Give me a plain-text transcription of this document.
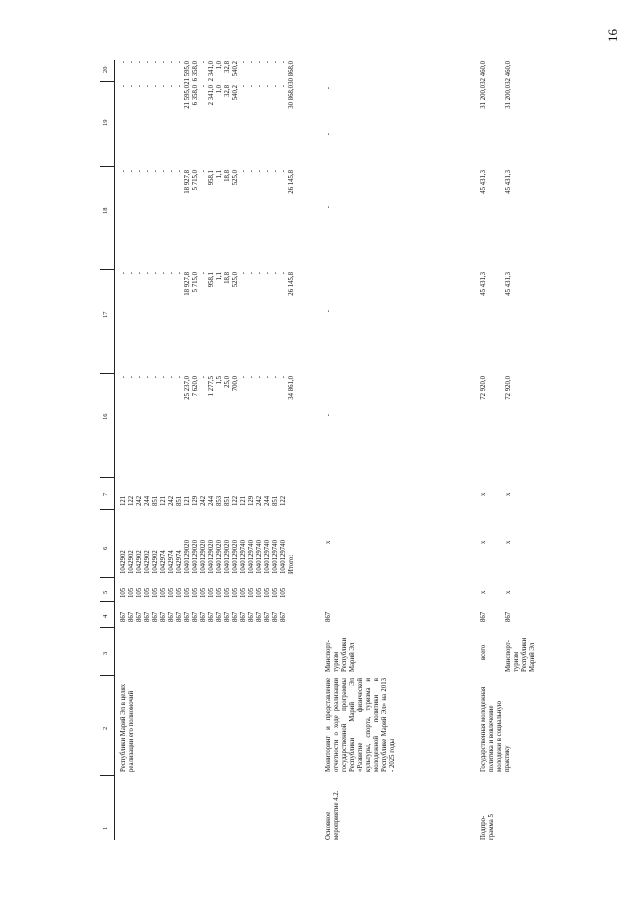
16
1
2
3
4
5
6
7
16
17
18
19
20
Республики Марий Эл в целях реализации его полномочий
867
867
867
867
867
867
867
867
867
867
867
867
867
867
867
867
867
867
867
867
867
105
105
105
105
105
105
105
105
105
105
105
105
105
105
105
105
105
105
105
105
105
1042902
1042902
1042902
1042902
1042902
1042974
1042974
1042974
1040129020
1040129020
1040129020
1040129020
1040129020
1040129020
1040129020
1040129740
1040129740
1040129740
1040129740
1040129740
1040129740
Итого:
121
122
242
244
851
121
242
851
121
129
242
244
853
851
122
121
129
242
244
851
122
-
-
-
-
-
-
-
-
25 237,0
7 620,0
-
1 277,5
1,5
25,0
700,0
-
-
-
-
-
-
34 861,0
-
-
-
-
-
-
-
-
18 927,8
5 715,0
-
958,1
1,1
18,8
525,0
-
-
-
-
-
-
26 145,8
-
-
-
-
-
-
-
-
18 927,8
5 715,0
-
958,1
1,1
18,8
525,0
-
-
-
-
-
-
26 145,8
-
-
-
-
-
-
-
-
21 595,0
6 358,0
-
2 341,0
1,0
32,8
540,2
-
-
-
-
-
-
30 868,0
-
-
-
-
-
-
-
-
21 595,0
6 358,0
-
2 341,0
1,0
32,8
540,2
-
-
-
-
-
-
30 868,0
Основное мероприятие 4.2.
Мониторинг и представление отчетности о ходе реализации государственной программы Республики Марий Эл «Развитие физической культуры, спорта, туризма и молодежной политики в Республике Марий Эл» на 2013 - 2025 годы
Минспорт-туризм Республики Марий Эл
867
х
-
-
-
-
-
Подпро-грамма 5
Государственная молодежная политика и вовлечение молодежи в социальную практику
всего
867
х
х
х
72 920,0
45 431,3
45 431,3
31 200,0
32 460,0
Минспорт-туризм Республики Марий Эл
867
х
х
х
72 920,0
45 431,3
45 431,3
31 200,0
32 460,0
